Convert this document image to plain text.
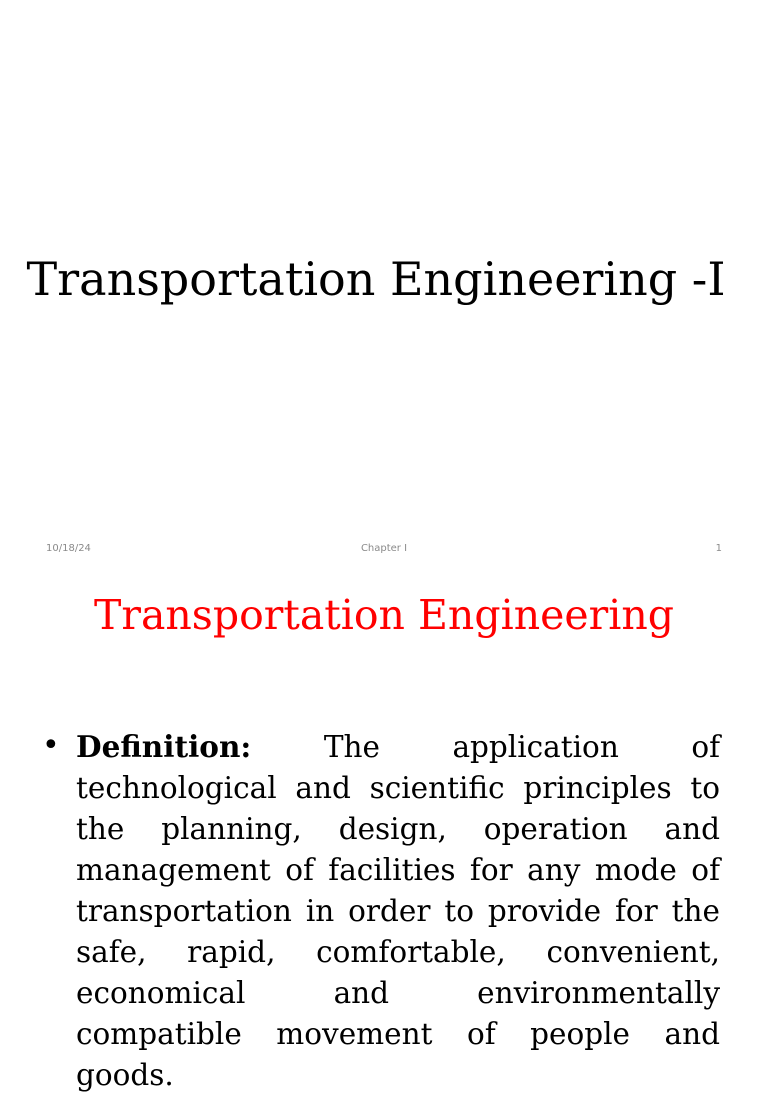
Transportation Engineering -I
10/18/24	Chapter I	1
Transportation Engineering
• Definition: The application of technological and scientific principles to the planning, design, operation and management of facilities for any mode of transportation in order to provide for the safe, rapid, comfortable, convenient, economical and environmentally compatible movement of people and goods.
